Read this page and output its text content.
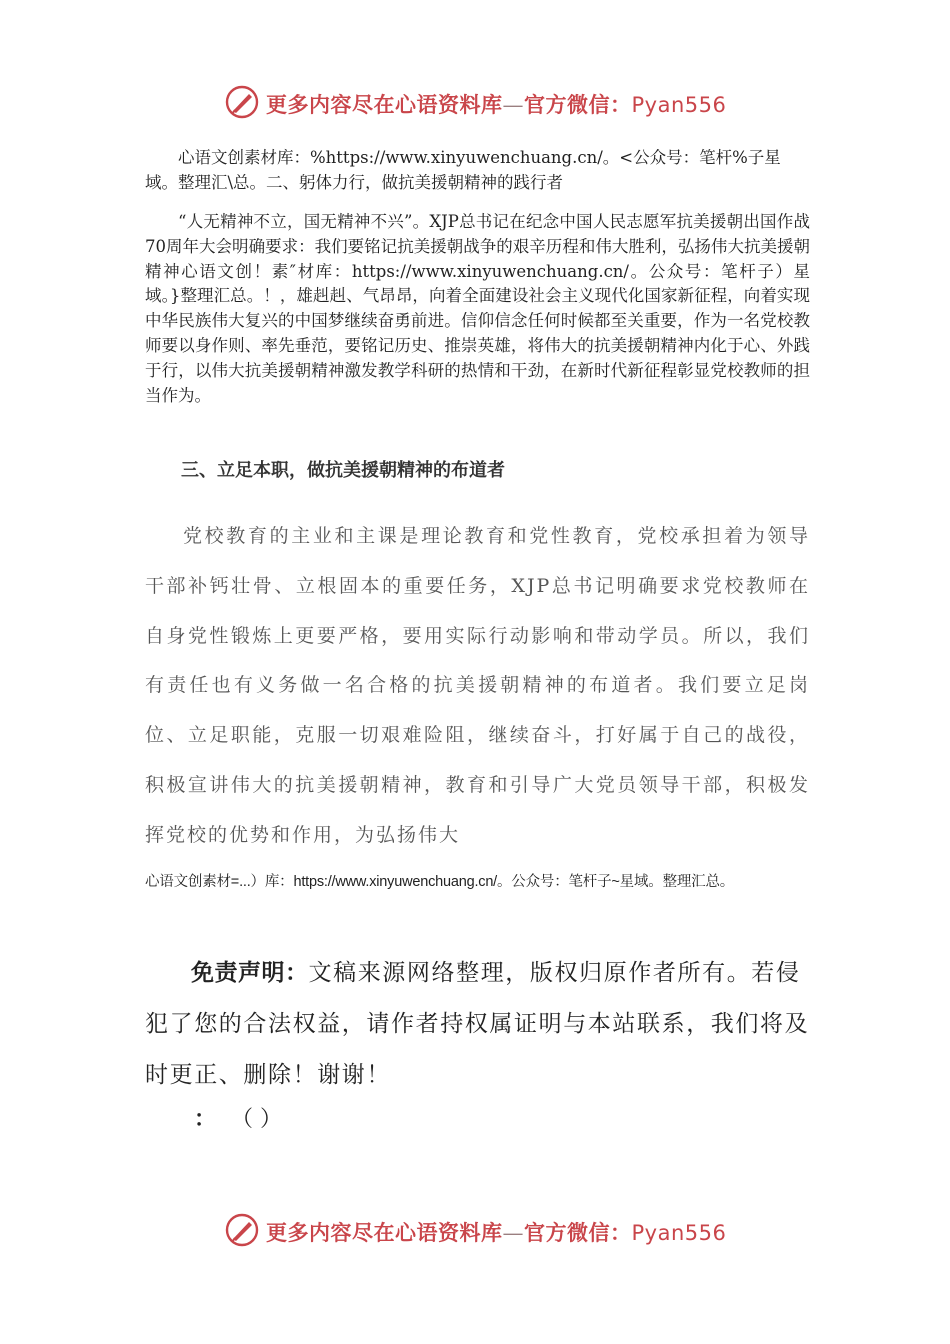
更多内容尽在心语资料库—官方微信：Pyan556
心语文创素材库：%https://www.xinyuwenchuang.cn/。<公众号：笔杆%子星域。整理汇\总。二、躬体力行，做抗美援朝精神的践行者
“人无精神不立，国无精神不兴”。XJP总书记在纪念中国人民志愿军抗美援朝出国作战70周年大会明确要求：我们要铭记抗美援朝战争的艰辛历程和伟大胜利，弘扬伟大抗美援朝精神心语文创！素″材库：https://www.xinyuwenchuang.cn/。公众号：笔杆子）星域。}整理汇总。！，雄赳赳、气昂昂，向着全面建设社会主义现代化国家新征程，向着实现中华民族伟大复兴的中国梦继续奋勇前进。信仰信念任何时候都至关重要，作为一名党校教师要以身作则、率先垂范，要铭记历史、推崇英雄，将伟大的抗美援朝精神内化于心、外践于行，以伟大抗美援朝精神激发教学科研的热情和干劲，在新时代新征程彰显党校教师的担当作为。
三、立足本职，做抗美援朝精神的布道者
党校教育的主业和主课是理论教育和党性教育，党校承担着为领导干部补钙壮骨、立根固本的重要任务，XJP总书记明确要求党校教师在自身党性锻炼上更要严格，要用实际行动影响和带动学员。所以，我们有责任也有义务做一名合格的抗美援朝精神的布道者。我们要立足岗位、立足职能，克服一切艰难险阻，继续奋斗，打好属于自己的战役，积极宣讲伟大的抗美援朝精神，教育和引导广大党员领导干部，积极发挥党校的优势和作用，为弘扬伟大
心语文创素材=...）库：https://www.xinyuwenchuang.cn/。公众号：笔杆子~星域。整理汇总。
免责声明：文稿来源网络整理，版权归原作者所有。若侵犯了您的合法权益，请作者持权属证明与本站联系，我们将及时更正、删除！谢谢！
： （ ）
更多内容尽在心语资料库—官方微信：Pyan556
